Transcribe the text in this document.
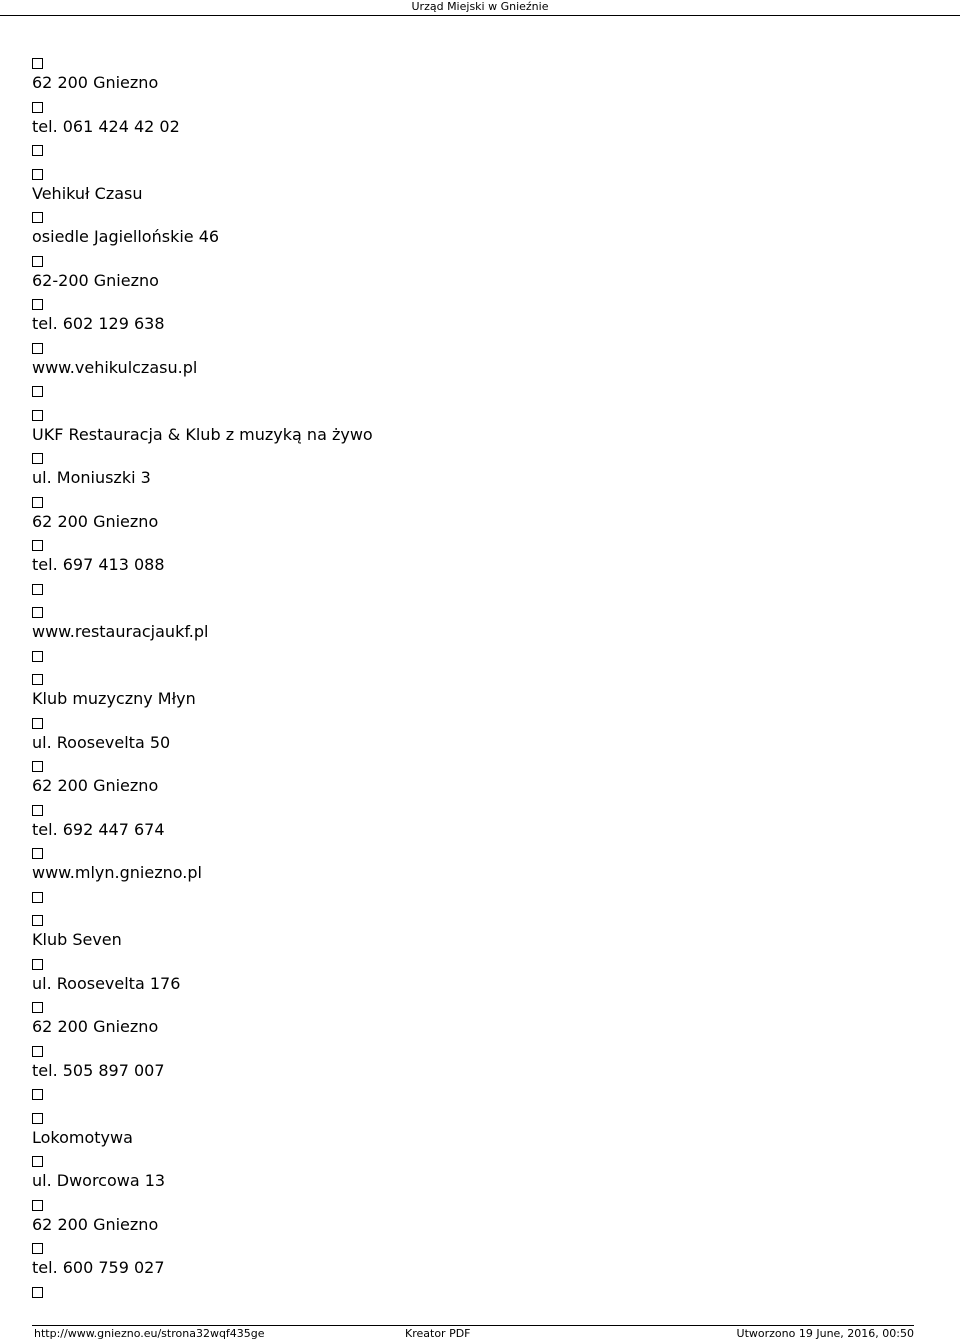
Urząd Miejski w Gnieźnie
62 200 Gniezno
tel. 061 424 42 02
Vehikuł Czasu
osiedle Jagiellońskie 46
62-200 Gniezno
tel. 602 129 638
www.vehikulczasu.pl
UKF Restauracja & Klub z muzyką na żywo
ul. Moniuszki 3
62 200 Gniezno
tel. 697 413 088
www.restauracjaukf.pl
Klub muzyczny Młyn
ul. Roosevelta 50
62 200 Gniezno
tel. 692 447 674
www.mlyn.gniezno.pl
Klub Seven
ul. Roosevelta 176
62 200 Gniezno
tel. 505 897 007
Lokomotywa
ul. Dworcowa 13
62 200 Gniezno
tel. 600 759 027
http://www.gniezno.eu/strona32wqf435ge	Kreator PDF	Utworzono 19 June, 2016, 00:50
